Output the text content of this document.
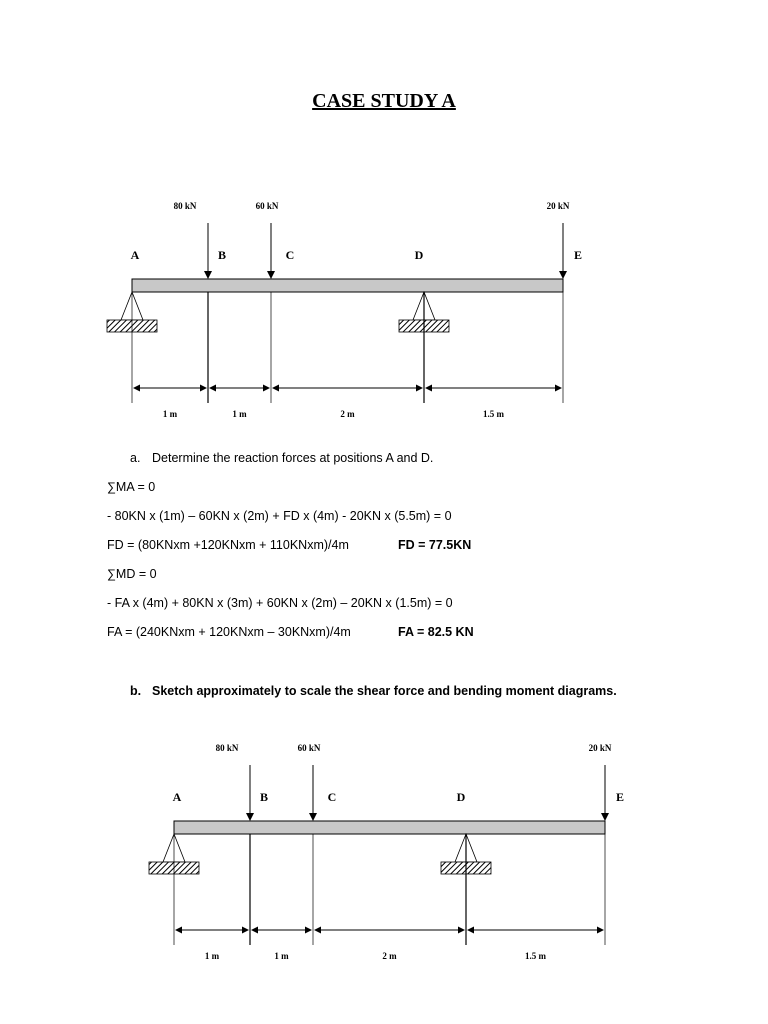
CASE STUDY A
A	B	C	D	E
80 kN	60 kN	20 kN
1 m	1 m	2 m	1.5 m
A	B	C	D	E
80 kN	60 kN	20 kN
1 m	1 m	2 m	1.5 m
a. Determine the reaction forces at positions A and D.
∑MA = 0
- 80KN x (1m) – 60KN x (2m) + FD x (4m) - 20KN x (5.5m) = 0
FD = (80KNxm +120KNxm + 110KNxm)/4m	FD = 77.5KN
∑MD = 0
- FA x (4m) + 80KN x (3m) + 60KN x (2m) – 20KN x (1.5m) = 0
FA = (240KNxm + 120KNxm – 30KNxm)/4m	FA = 82.5 KN
b. Sketch approximately to scale the shear force and bending moment diagrams.
